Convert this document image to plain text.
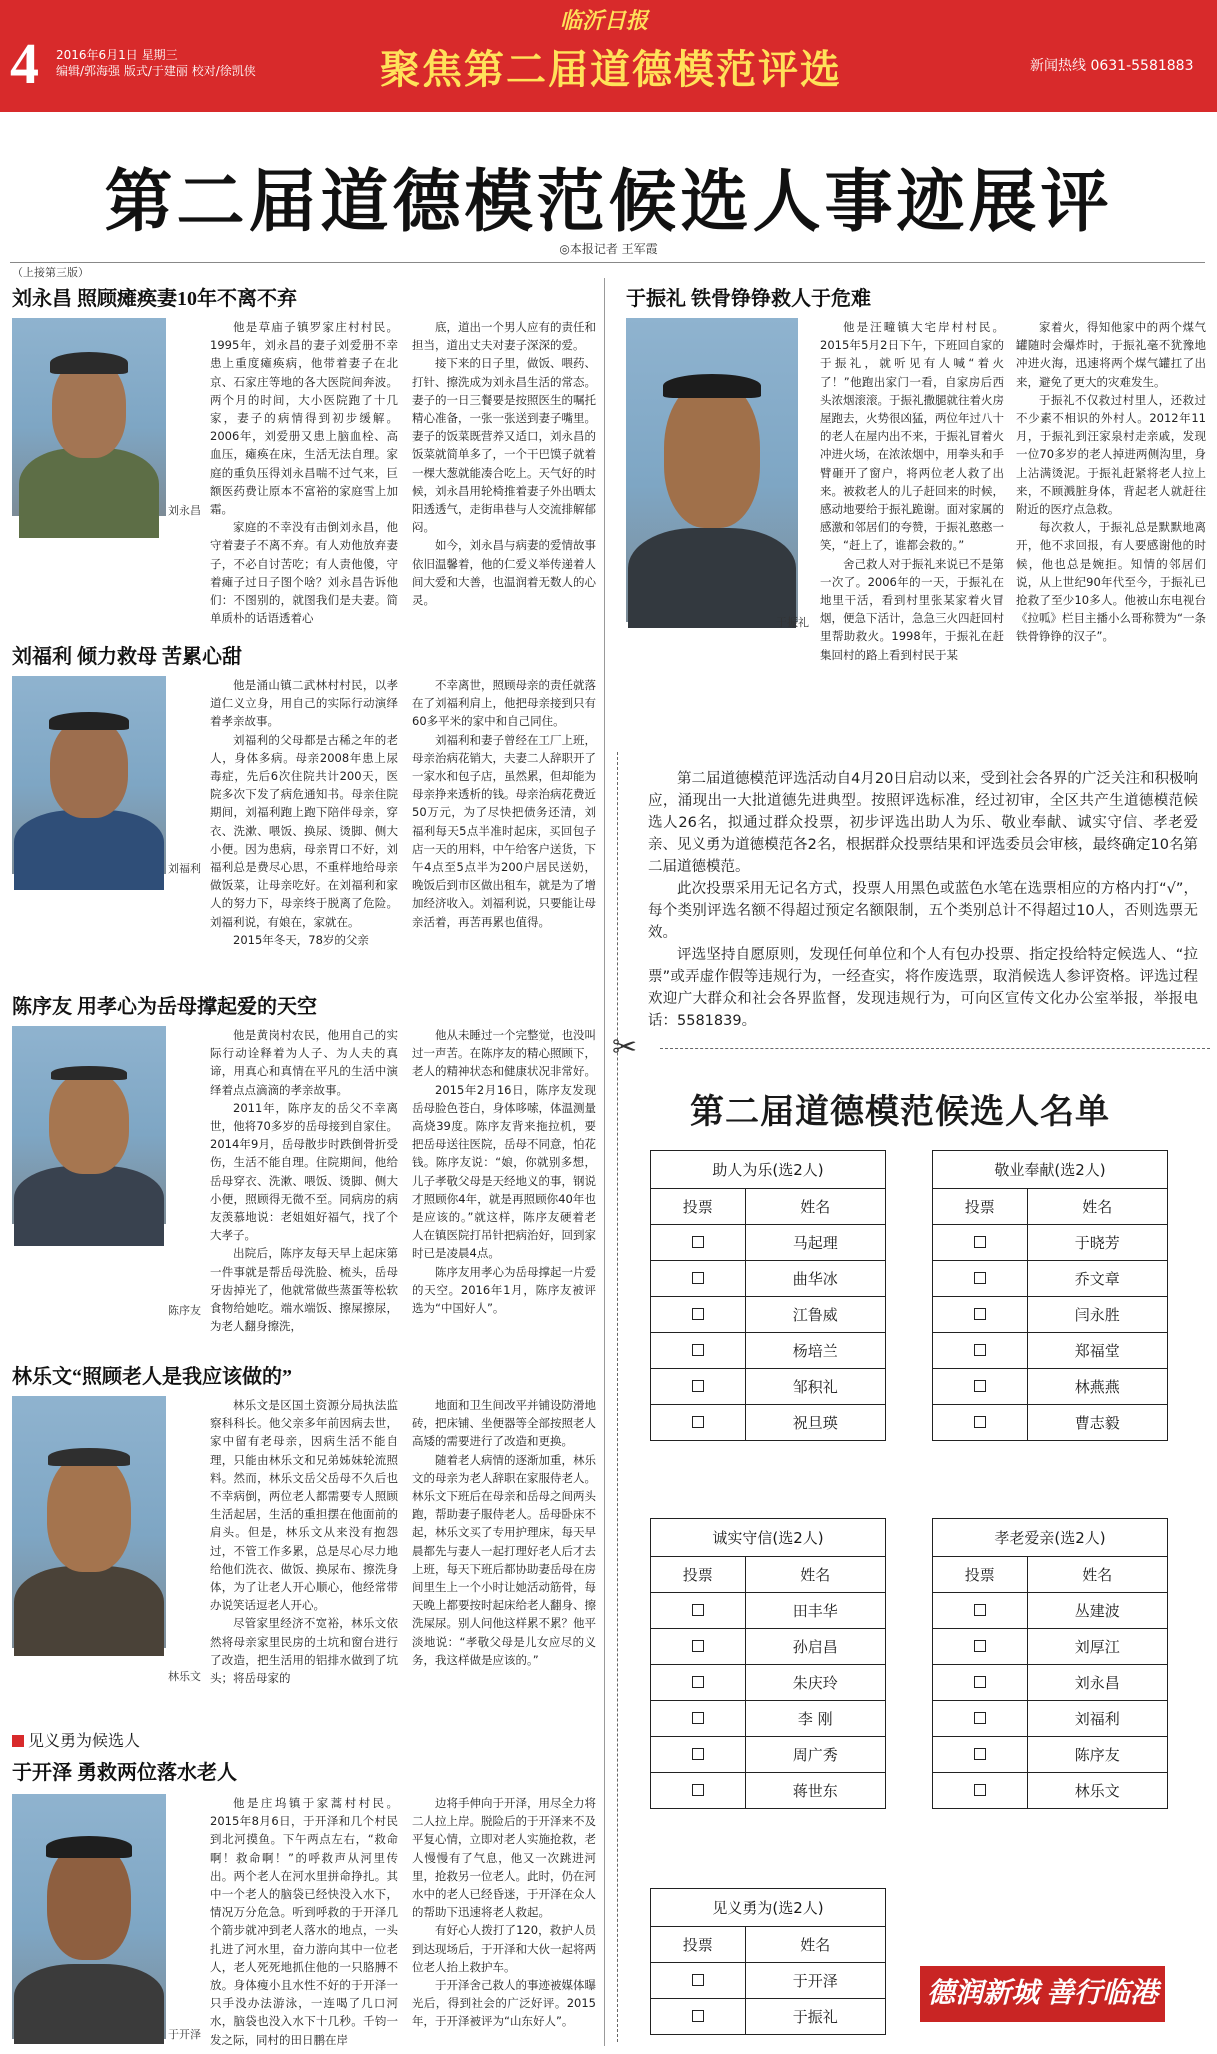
临沂日报
4 2016年6月1日 星期三
编辑/郭海强 版式/于建丽 校对/徐凯侠	聚焦第二届道德模范评选	新闻热线 0631-5581883
第二届道德模范候选人事迹展评
◎本报记者 王军霞
（上接第三版）
刘永昌 照顾瘫痪妻10年不离不弃
刘永昌

他是草庙子镇罗家庄村村民。1995年，刘永昌的妻子刘爱册不幸患上重度瘫痪病，他带着妻子在北京、石家庄等地的各大医院间奔波。两个月的时间，大小医院跑了十几家，妻子的病情得到初步缓解。2006年，刘爱册又患上脑血栓、高血压，瘫痪在床，生活无法自理。家庭的重负压得刘永昌喘不过气来，巨额医药费让原本不富裕的家庭雪上加霜。

家庭的不幸没有击倒刘永昌，他守着妻子不离不弃。有人劝他放弃妻子，不必自讨苦吃；有人责他傻，守着瘫子过日子图个啥？刘永昌告诉他们：不图别的，就图我们是夫妻。简单质朴的话语透着心

底，道出一个男人应有的责任和担当，道出丈夫对妻子深深的爱。

接下来的日子里，做饭、喂药、打针、擦洗成为刘永昌生活的常态。妻子的一日三餐要是按照医生的嘱托精心准备，一张一张送到妻子嘴里。妻子的饭菜既营养又适口，刘永昌的饭菜就简单多了，一个干巴馍子就着一棵大葱就能凑合吃上。天气好的时候，刘永昌用轮椅推着妻子外出晒太阳透透气，走街串巷与人交流排解郁闷。

如今，刘永昌与病妻的爱情故事依旧温馨着，他的仁爱义举传递着人间大爱和大善，也温润着无数人的心灵。

刘福利 倾力救母 苦累心甜
刘福利

他是涌山镇二武林村村民，以孝道仁义立身，用自己的实际行动演绎着孝亲故事。

刘福利的父母都是古稀之年的老人，身体多病。母亲2008年患上尿毒症，先后6次住院共计200天，医院多次下发了病危通知书。母亲住院期间，刘福利跑上跑下陪伴母亲，穿衣、洗漱、喂饭、换尿、烫脚、侧大小便。因为患病，母亲胃口不好，刘福利总是费尽心思，不重样地给母亲做饭菜，让母亲吃好。在刘福利和家人的努力下，母亲终于脱离了危险。刘福利说，有娘在，家就在。

2015年冬天，78岁的父亲

不幸离世，照顾母亲的责任就落在了刘福利肩上，他把母亲接到只有60多平米的家中和自己同住。

刘福利和妻子曾经在工厂上班，母亲治病花销大，夫妻二人辞职开了一家水和包子店，虽然累，但却能为母亲挣来透析的钱。母亲治病花费近50万元，为了尽快把债务还清，刘福利每天5点半准时起床，买回包子店一天的用料，中午给客户送货，下午4点至5点半为200户居民送奶，晚饭后到市区做出租车，就是为了增加经济收入。刘福利说，只要能让母亲活着，再苦再累也值得。

陈序友 用孝心为岳母撑起爱的天空
陈序友

他是黄岗村农民，他用自己的实际行动诠释着为人子、为人夫的真谛，用真心和真情在平凡的生活中演绎着点点滴滴的孝亲故事。

2011年，陈序友的岳父不幸离世，他将70多岁的岳母接到自家住。2014年9月，岳母散步时跌倒骨折受伤，生活不能自理。住院期间，他给岳母穿衣、洗漱、喂饭、烫脚、侧大小便，照顾得无微不至。同病房的病友羡慕地说：老姐姐好福气，找了个大孝子。

出院后，陈序友每天早上起床第一件事就是帮岳母洗脸、梳头，岳母牙齿掉光了，他就常做些蒸蛋等松软食物给她吃。端水端饭、擦屎擦尿，为老人翻身擦洗，

他从未睡过一个完整觉，也没叫过一声苦。在陈序友的精心照顾下，老人的精神状态和健康状况非常好。

2015年2月16日，陈序友发现岳母脸色苍白，身体哆嗦，体温测量高烧39度。陈序友背来拖拉机，要把岳母送往医院，岳母不同意，怕花钱。陈序友说：“娘，你就别多想，儿子孝敬父母是天经地义的事，钢说才照顾你4年，就是再照顾你40年也是应该的。”就这样，陈序友硬着老人在镇医院打吊针把病治好，回到家时已是凌晨4点。

陈序友用孝心为岳母撑起一片爱的天空。2016年1月，陈序友被评选为“中国好人”。

林乐文“照顾老人是我应该做的”
林乐文

林乐文是区国土资源分局执法监察科科长。他父亲多年前因病去世，家中留有老母亲，因病生活不能自理，只能由林乐文和兄弟姊妹轮流照料。然而，林乐文岳父岳母不久后也不幸病倒，两位老人都需要专人照顾生活起居，生活的重担摆在他面前的肩头。但是，林乐文从来没有抱怨过，不管工作多累，总是尽心尽力地给他们洗衣、做饭、换尿布、擦洗身体，为了让老人开心顺心，他经常带办说笑话逗老人开心。

尽管家里经济不宽裕，林乐文依然将母亲家里民房的土坑和窗台进行了改造，把生活用的铝排水做到了坑头；将岳母家的

地面和卫生间改平并铺设防滑地砖，把床铺、坐便器等全部按照老人高矮的需要进行了改造和更换。

随着老人病情的逐渐加重，林乐文的母亲为老人辞职在家服侍老人。林乐文下班后在母亲和岳母之间两头跑，帮助妻子服侍老人。岳母卧床不起，林乐文买了专用护理床，每天早晨都先与妻人一起打理好老人后才去上班，每天下班后都协助妻岳母在房间里生上一个小时让她活动筋骨，每天晚上都要按时起床给老人翻身、擦洗屎尿。别人问他这样累不累？他平淡地说：“孝敬父母是儿女应尽的义务，我这样做是应该的。”

见义勇为候选人
于开泽 勇救两位落水老人
于开泽

他是庄坞镇于家蒿村村民。2015年8月6日，于开泽和几个村民到北河摸鱼。下午两点左右，“救命啊！救命啊！”的呼救声从河里传出。两个老人在河水里拼命挣扎。其中一个老人的脑袋已经快没入水下，情况万分危急。听到呼救的于开泽几个箭步就冲到老人落水的地点，一头扎进了河水里，奋力游向其中一位老人，老人死死地抓住他的一只胳膊不放。身体瘦小且水性不好的于开泽一只手没办法游泳，一连喝了几口河水，脑袋也没入水下十几秒。千钧一发之际，同村的田日鹏在岸

边将手伸向于开泽，用尽全力将二人拉上岸。脱险后的于开泽来不及平复心情，立即对老人实施抢救，老人慢慢有了气息，他又一次跳进河里，抢救另一位老人。此时，仍在河水中的老人已经昏迷，于开泽在众人的帮助下迅速将老人救起。

有好心人拨打了120，救护人员到达现场后，于开泽和大伙一起将两位老人抬上救护车。

于开泽舍己救人的事迹被媒体曝光后，得到社会的广泛好评。2015年，于开泽被评为“山东好人”。

于振礼 铁骨铮铮救人于危难
于振礼

他是汪疃镇大宅岸村村民。2015年5月2日下午，下班回自家的于振礼，就听见有人喊“着火了！”他跑出家门一看，自家房后西头浓烟滚滚。于振礼撒腿就往着火房屋跑去，火势很凶猛，两位年过八十的老人在屋内出不来，于振礼冒着火冲进火场，在浓浓烟中，用拳头和手臂砸开了窗户，将两位老人救了出来。被救老人的儿子赶回来的时候，感动地要给于振礼跪谢。面对家属的感激和邻居们的夸赞，于振礼憨憨一笑，“赶上了，谁都会救的。”

舍己救人对于振礼来说已不是第一次了。2006年的一天，于振礼在地里干活，看到村里张某家着火冒烟，便急下活计，急急三火四赶回村里帮助救火。1998年，于振礼在赶集回村的路上看到村民于某

家着火，得知他家中的两个煤气罐随时会爆炸时，于振礼毫不犹豫地冲进火海，迅速将两个煤气罐扛了出来，避免了更大的灾难发生。

于振礼不仅救过村里人，还救过不少素不相识的外村人。2012年11月，于振礼到汪家泉村走亲戚，发现一位70多岁的老人掉进两侧沟里，身上沾满烫泥。于振礼赶紧将老人拉上来，不顾溅脏身体，背起老人就赶往附近的医疗点急救。

每次救人，于振礼总是默默地离开，他不求回报，有人要感谢他的时候，他也总是婉拒。知情的邻居们说，从上世纪90年代至今，于振礼已抢救了至少10多人。他被山东电视台《拉呱》栏目主播小么哥称赞为“一条铁骨铮铮的汉子”。

第二届道德模范评选活动自4月20日启动以来，受到社会各界的广泛关注和积极响应，涌现出一大批道德先进典型。按照评选标准，经过初审，全区共产生道德模范候选人26名，拟通过群众投票，初步评选出助人为乐、敬业奉献、诚实守信、孝老爱亲、见义勇为道德模范各2名，根据群众投票结果和评选委员会审核，最终确定10名第二届道德模范。

此次投票采用无记名方式，投票人用黑色或蓝色水笔在选票相应的方格内打“√”，每个类别评选名额不得超过预定名额限制，五个类别总计不得超过10人，否则选票无效。

评选坚持自愿原则，发现任何单位和个人有包办投票、指定投给特定候选人、“拉票”或弄虚作假等违规行为，一经查实，将作废选票，取消候选人参评资格。评选过程欢迎广大群众和社会各界监督，发现违规行为，可向区宣传文化办公室举报，举报电话：5581839。

✂
第二届道德模范候选人名单
助人为乐(选2人)	
投票	姓名
	马起理
	曲华冰
	江鲁威
	杨培兰
	邹积礼
	祝旦瑛
敬业奉献(选2人)	
投票	姓名
	于晓芳
	乔文章
	闫永胜
	郑福堂
	林燕燕
	曹志毅
诚实守信(选2人)	
投票	姓名
	田丰华
	孙启昌
	朱庆玲
	李 刚
	周广秀
	蒋世东
孝老爱亲(选2人)	
投票	姓名
	丛建波
	刘厚江
	刘永昌
	刘福利
	陈序友
	林乐文
见义勇为(选2人)	
投票	姓名
	于开泽
	于振礼
德润新城 善行临港
